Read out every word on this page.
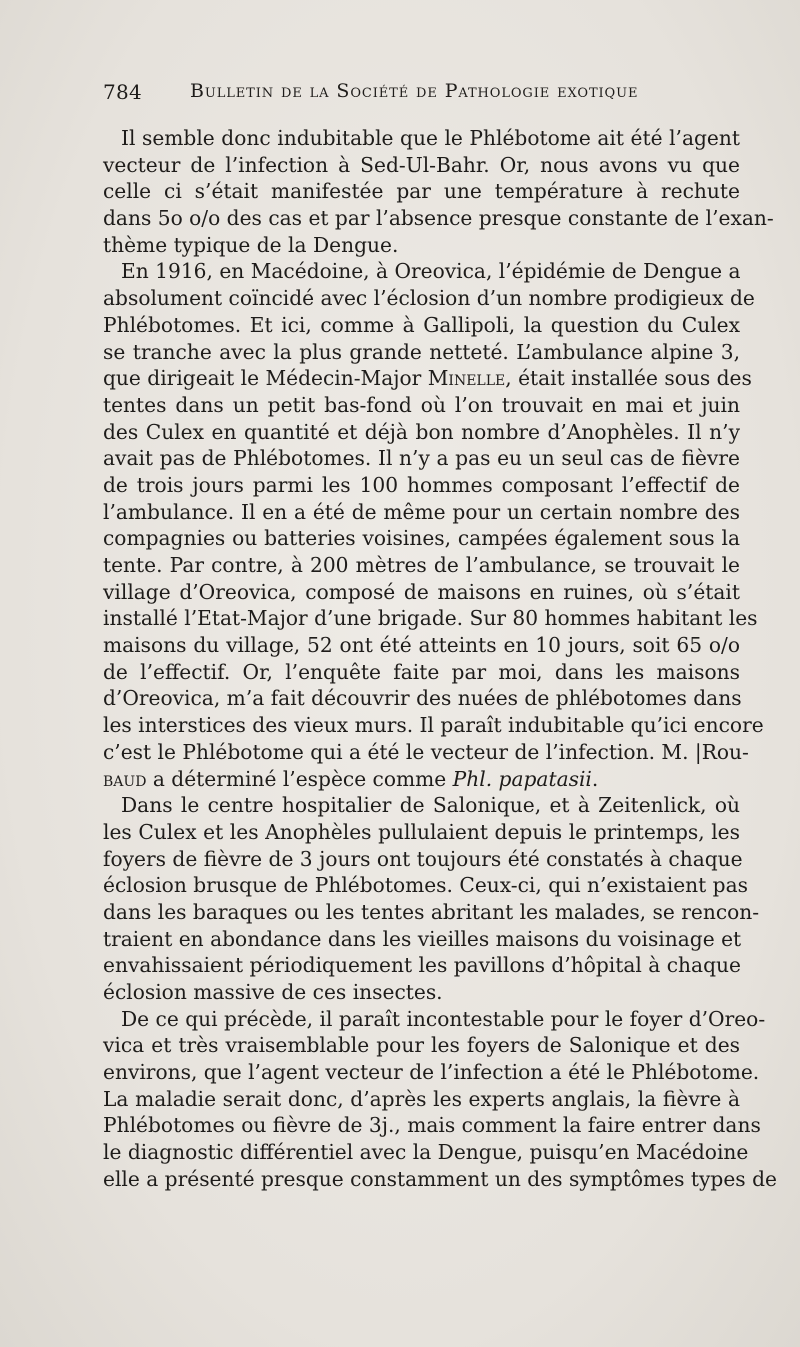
784	Bulletin de la Société de Pathologie exotique
Il semble donc indubitable que le Phlébotome ait été l’agent
vecteur de l’infection à Sed-Ul-Bahr. Or, nous avons vu que
celle ci s’était manifestée par une température à rechute
dans 5o o/o des cas et par l’absence presque constante de l’exan-
thème typique de la Dengue.
En 1916, en Macédoine, à Oreovica, l’épidémie de Dengue a
absolument coïncidé avec l’éclosion d’un nombre prodigieux de
Phlébotomes. Et ici, comme à Gallipoli, la question du Culex
se tranche avec la plus grande netteté. L’ambulance alpine 3,
que dirigeait le Médecin-Major Minelle, était installée sous des
tentes dans un petit bas-fond où l’on trouvait en mai et juin
des Culex en quantité et déjà bon nombre d’Anophèles. Il n’y
avait pas de Phlébotomes. Il n’y a pas eu un seul cas de fièvre
de trois jours parmi les 100 hommes composant l’effectif de
l’ambulance. Il en a été de même pour un certain nombre des
compagnies ou batteries voisines, campées également sous la
tente. Par contre, à 200 mètres de l’ambulance, se trouvait le
village d’Oreovica, composé de maisons en ruines, où s’était
installé l’Etat-Major d’une brigade. Sur 80 hommes habitant les
maisons du village, 52 ont été atteints en 10 jours, soit 65 o/o
de l’effectif. Or, l’enquête faite par moi, dans les maisons
d’Oreovica, m’a fait découvrir des nuées de phlébotomes dans
les interstices des vieux murs. Il paraît indubitable qu’ici encore
c’est le Phlébotome qui a été le vecteur de l’infection. M. |Rou-
baud a déterminé l’espèce comme Phl. papatasii.
Dans le centre hospitalier de Salonique, et à Zeitenlick, où
les Culex et les Anophèles pullulaient depuis le printemps, les
foyers de fièvre de 3 jours ont toujours été constatés à chaque
éclosion brusque de Phlébotomes. Ceux-ci, qui n’existaient pas
dans les baraques ou les tentes abritant les malades, se rencon-
traient en abondance dans les vieilles maisons du voisinage et
envahissaient périodiquement les pavillons d’hôpital à chaque
éclosion massive de ces insectes.
De ce qui précède, il paraît incontestable pour le foyer d’Oreo-
vica et très vraisemblable pour les foyers de Salonique et des
environs, que l’agent vecteur de l’infection a été le Phlébotome.
La maladie serait donc, d’après les experts anglais, la fièvre à
Phlébotomes ou fièvre de 3j., mais comment la faire entrer dans
le diagnostic différentiel avec la Dengue, puisqu’en Macédoine
elle a présenté presque constamment un des symptômes types de
